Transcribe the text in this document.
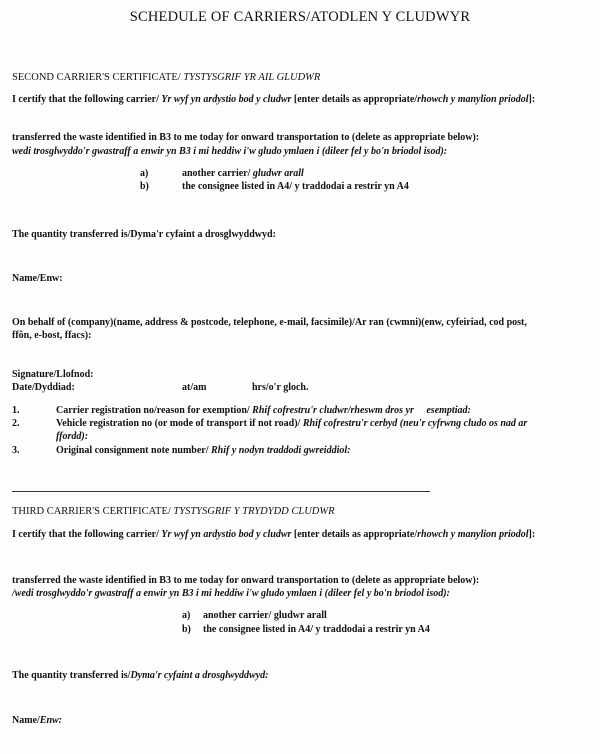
SCHEDULE OF CARRIERS/ATODLEN Y CLUDWYR
SECOND CARRIER'S CERTIFICATE/ TYSTYSGRIF YR AIL GLUDWR
I certify that the following carrier/ Yr wyf yn ardystio bod y cludwr [enter details as appropriate/rhowch y manylion priodol]:
transferred the waste identified in B3 to me today for onward transportation to (delete as appropriate below):
wedi trosglwyddo'r gwastraff a enwir yn B3 i mi heddiw i'w gludo ymlaen i (dileer fel y bo'n briodol isod):
a)	another carrier/ gludwr arall
b)	the consignee listed in A4/ y traddodai a restrir yn A4
The quantity transferred is/Dyma'r cyfaint a drosglwyddwyd:
Name/Enw:
On behalf of (company)(name, address & postcode, telephone, e-mail, facsimile)/Ar ran (cwmni)(enw, cyfeiriad, cod post,
ffôn, e-bost, ffacs):
Signature/Llofnod:
Date/Dyddiad:	at/am	hrs/o'r gloch.
1.	Carrier registration no/reason for exemption/ Rhif cofrestru'r cludwr/rheswm dros yr     esemptiad:
2.	Vehicle registration no (or mode of transport if not road)/ Rhif cofrestru'r cerbyd (neu'r cyfrwng cludo os nad ar
ffordd):
3.	Original consignment note number/ Rhif y nodyn traddodi gwreiddiol:
THIRD CARRIER'S CERTIFICATE/ TYSTYSGRIF Y TRYDYDD CLUDWR
I certify that the following carrier/ Yr wyf yn ardystio bod y cludwr [enter details as appropriate/rhowch y manylion priodol]:
transferred the waste identified in B3 to me today for onward transportation to (delete as appropriate below):
/wedi trosglwyddo'r gwastraff a enwir yn B3 i mi heddiw i'w gludo ymlaen i (dileer fel y bo'n briodol isod):
a) another carrier/ gludwr arall
b) the consignee listed in A4/ y traddodai a restrir yn A4
The quantity transferred is/Dyma'r cyfaint a drosglwyddwyd:
Name/Enw:
